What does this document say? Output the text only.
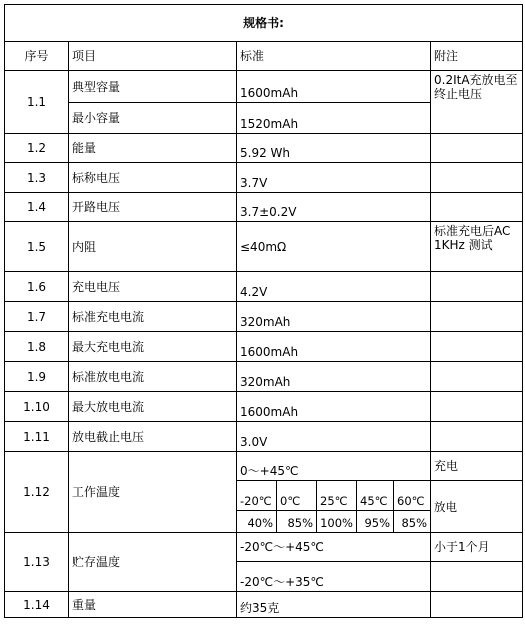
规格书:							
序号	项目	标准					附注
1.1	典型容量	1600mAh					0.2ItA充放电至终止电压
	最小容量	1520mAh					
1.2	能量	5.92 Wh					
1.3	标称电压	3.7V					
1.4	开路电压	3.7±0.2V					
1.5	内阻	≤40mΩ					标准充电后AC 1KHz 测试
1.6	充电电压	4.2V					
1.7	标准充电电流	320mAh					
1.8	最大充电电流	1600mAh					
1.9	标准放电电流	320mAh					
1.10	最大放电电流	1600mAh					
1.11	放电截止电压	3.0V					
1.12	工作温度	0～+45℃					充电
		-20℃	0℃	25℃	45℃	60℃	放电
		40%	85%	100%	95%	85%	
1.13	贮存温度	-20℃～+45℃					小于1个月
		-20℃～+35℃					
1.14	重量	约35克					
